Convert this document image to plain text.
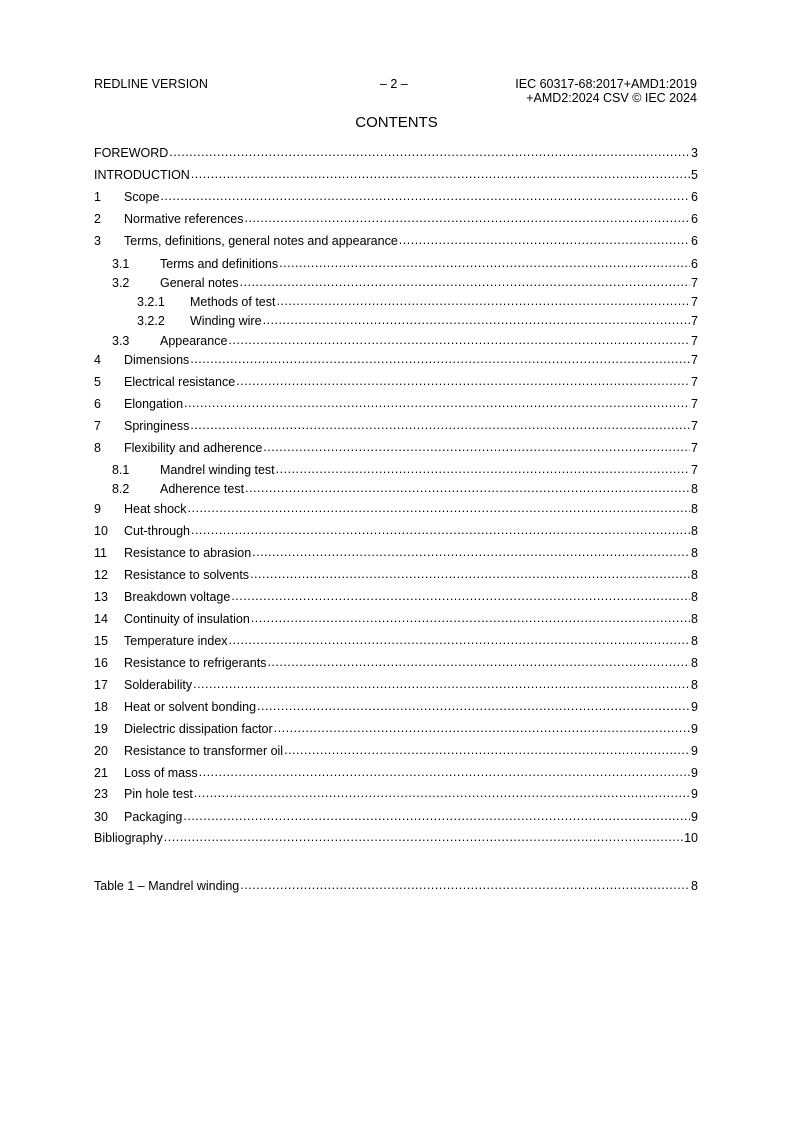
REDLINE VERSION	– 2 –	IEC 60317-68:2017+AMD1:2019
+AMD2:2024 CSV © IEC 2024
CONTENTS
FOREWORD .....	3
INTRODUCTION .....	5
1	Scope .....	6
2	Normative references .....	6
3	Terms, definitions, general notes and appearance .....	6
3.1	Terms and definitions .....	6
3.2	General notes .....	7
3.2.1	Methods of test .....	7
3.2.2	Winding wire .....	7
3.3	Appearance .....	7
4	Dimensions .....	7
5	Electrical resistance .....	7
6	Elongation .....	7
7	Springiness .....	7
8	Flexibility and adherence .....	7
8.1	Mandrel winding test .....	7
8.2	Adherence test .....	8
9	Heat shock .....	8
10	Cut-through .....	8
11	Resistance to abrasion .....	8
12	Resistance to solvents .....	8
13	Breakdown voltage .....	8
14	Continuity of insulation .....	8
15	Temperature index .....	8
16	Resistance to refrigerants .....	8
17	Solderability .....	8
18	Heat or solvent bonding .....	9
19	Dielectric dissipation factor .....	9
20	Resistance to transformer oil .....	9
21	Loss of mass .....	9
23	Pin hole test .....	9
30	Packaging .....	9
Bibliography .....	10
Table 1 – Mandrel winding .....	8
